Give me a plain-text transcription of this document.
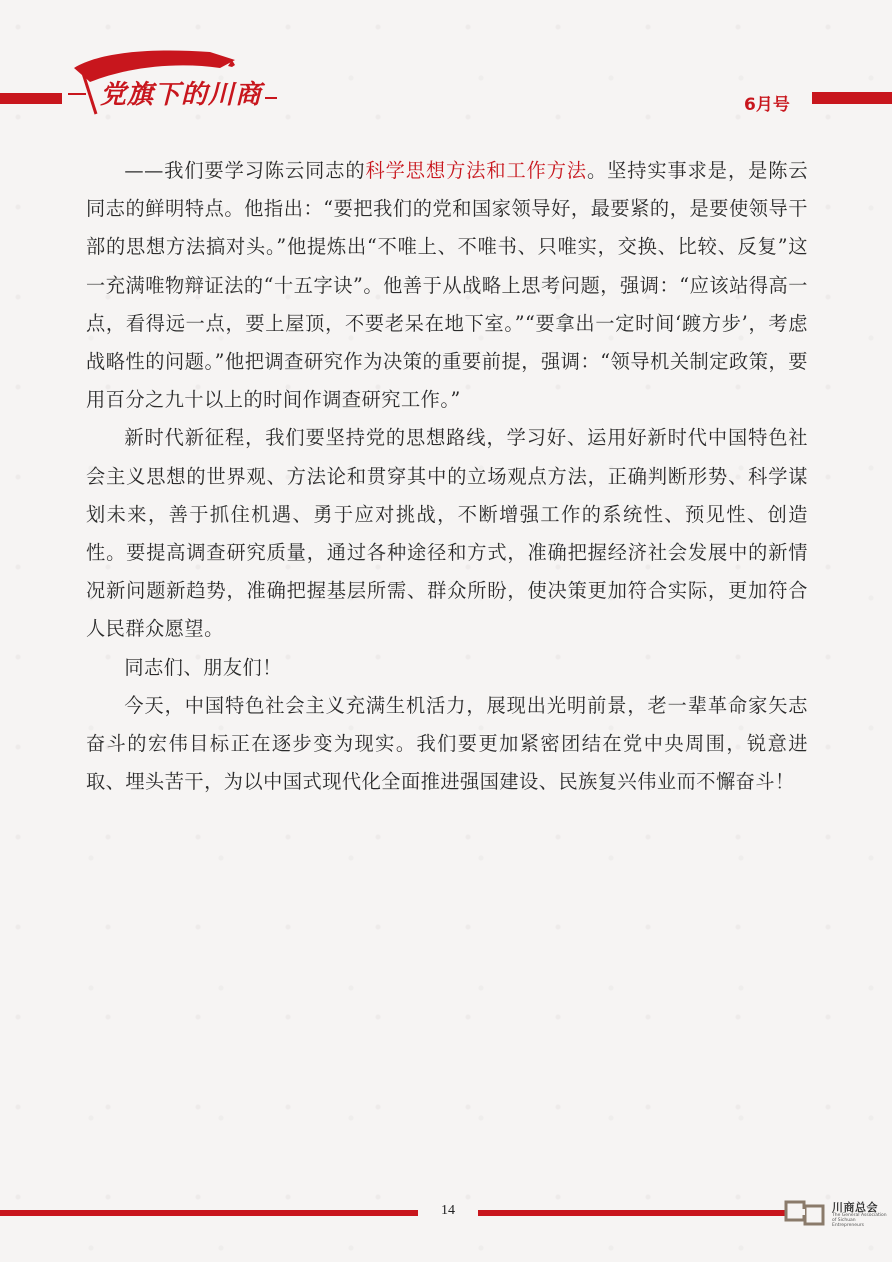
党旗下的川商	6月号

——我们要学习陈云同志的科学思想方法和工作方法。坚持实事求是，是陈云同志的鲜明特点。他指出：“要把我们的党和国家领导好，最要紧的，是要使领导干部的思想方法搞对头。”他提炼出“不唯上、不唯书、只唯实，交换、比较、反复”这一充满唯物辩证法的“十五字诀”。他善于从战略上思考问题，强调：“应该站得高一点，看得远一点，要上屋顶，不要老呆在地下室。”“要拿出一定时间‘踱方步’，考虑战略性的问题。”他把调查研究作为决策的重要前提，强调：“领导机关制定政策，要用百分之九十以上的时间作调查研究工作。”

新时代新征程，我们要坚持党的思想路线，学习好、运用好新时代中国特色社会主义思想的世界观、方法论和贯穿其中的立场观点方法，正确判断形势、科学谋划未来，善于抓住机遇、勇于应对挑战，不断增强工作的系统性、预见性、创造性。要提高调查研究质量，通过各种途径和方式，准确把握经济社会发展中的新情况新问题新趋势，准确把握基层所需、群众所盼，使决策更加符合实际，更加符合人民群众愿望。

同志们、朋友们！

今天，中国特色社会主义充满生机活力，展现出光明前景，老一辈革命家矢志奋斗的宏伟目标正在逐步变为现实。我们要更加紧密团结在党中央周围，锐意进取、埋头苦干，为以中国式现代化全面推进强国建设、民族复兴伟业而不懈奋斗！

14	川商总会
The General Association of Sichuan Entrepreneurs
